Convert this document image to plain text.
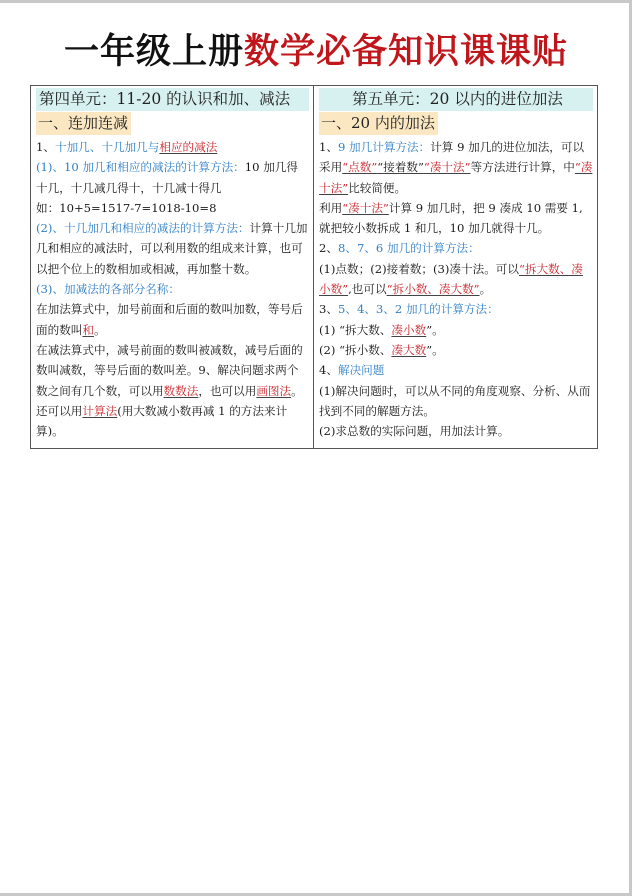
一年级上册数学必备知识课课贴
第四单元：11-20 的认识和加、减法
一、连加连减
1、十加几、十几加几与相应的减法
(1)、10 加几和相应的减法的计算方法：10 加几得十几，十几减几得十，十几减十得几
如：10+5=1517-7=1018-10=8
(2)、十几加几和相应的减法的计算方法：计算十几加几和相应的减法时，可以利用数的组成来计算，也可以把个位上的数相加或相减，再加整十数。
(3)、加减法的各部分名称：
在加法算式中，加号前面和后面的数叫加数，等号后面的数叫和。
在减法算式中，减号前面的数叫被减数，减号后面的数叫减数，等号后面的数叫差。9、解决问题求两个数之间有几个数，可以用数数法，也可以用画图法。还可以用计算法(用大数减小数再减 1 的方法来计算)。
第五单元：20 以内的进位加法
一、20 内的加法
1、9 加几计算方法：计算 9 加几的进位加法，可以采用“点数”“接着数”“凑十法”等方法进行计算，中“凑十法”比较简便。
利用“凑十法”计算 9 加几时，把 9 凑成 10 需要 1,就把较小数拆成 1 和几，10 加几就得十几。
2、8、7、6 加几的计算方法：
(1)点数；(2)接着数；(3)凑十法。可以“拆大数、凑小数”,也可以“拆小数、凑大数”。
3、5、4、3、2 加几的计算方法：
(1) “拆大数、凑小数”。
(2) “拆小数、凑大数”。
4、解决问题
(1)解决问题时，可以从不同的角度观察、分析、从而找到不同的解题方法。
(2)求总数的实际问题，用加法计算。
